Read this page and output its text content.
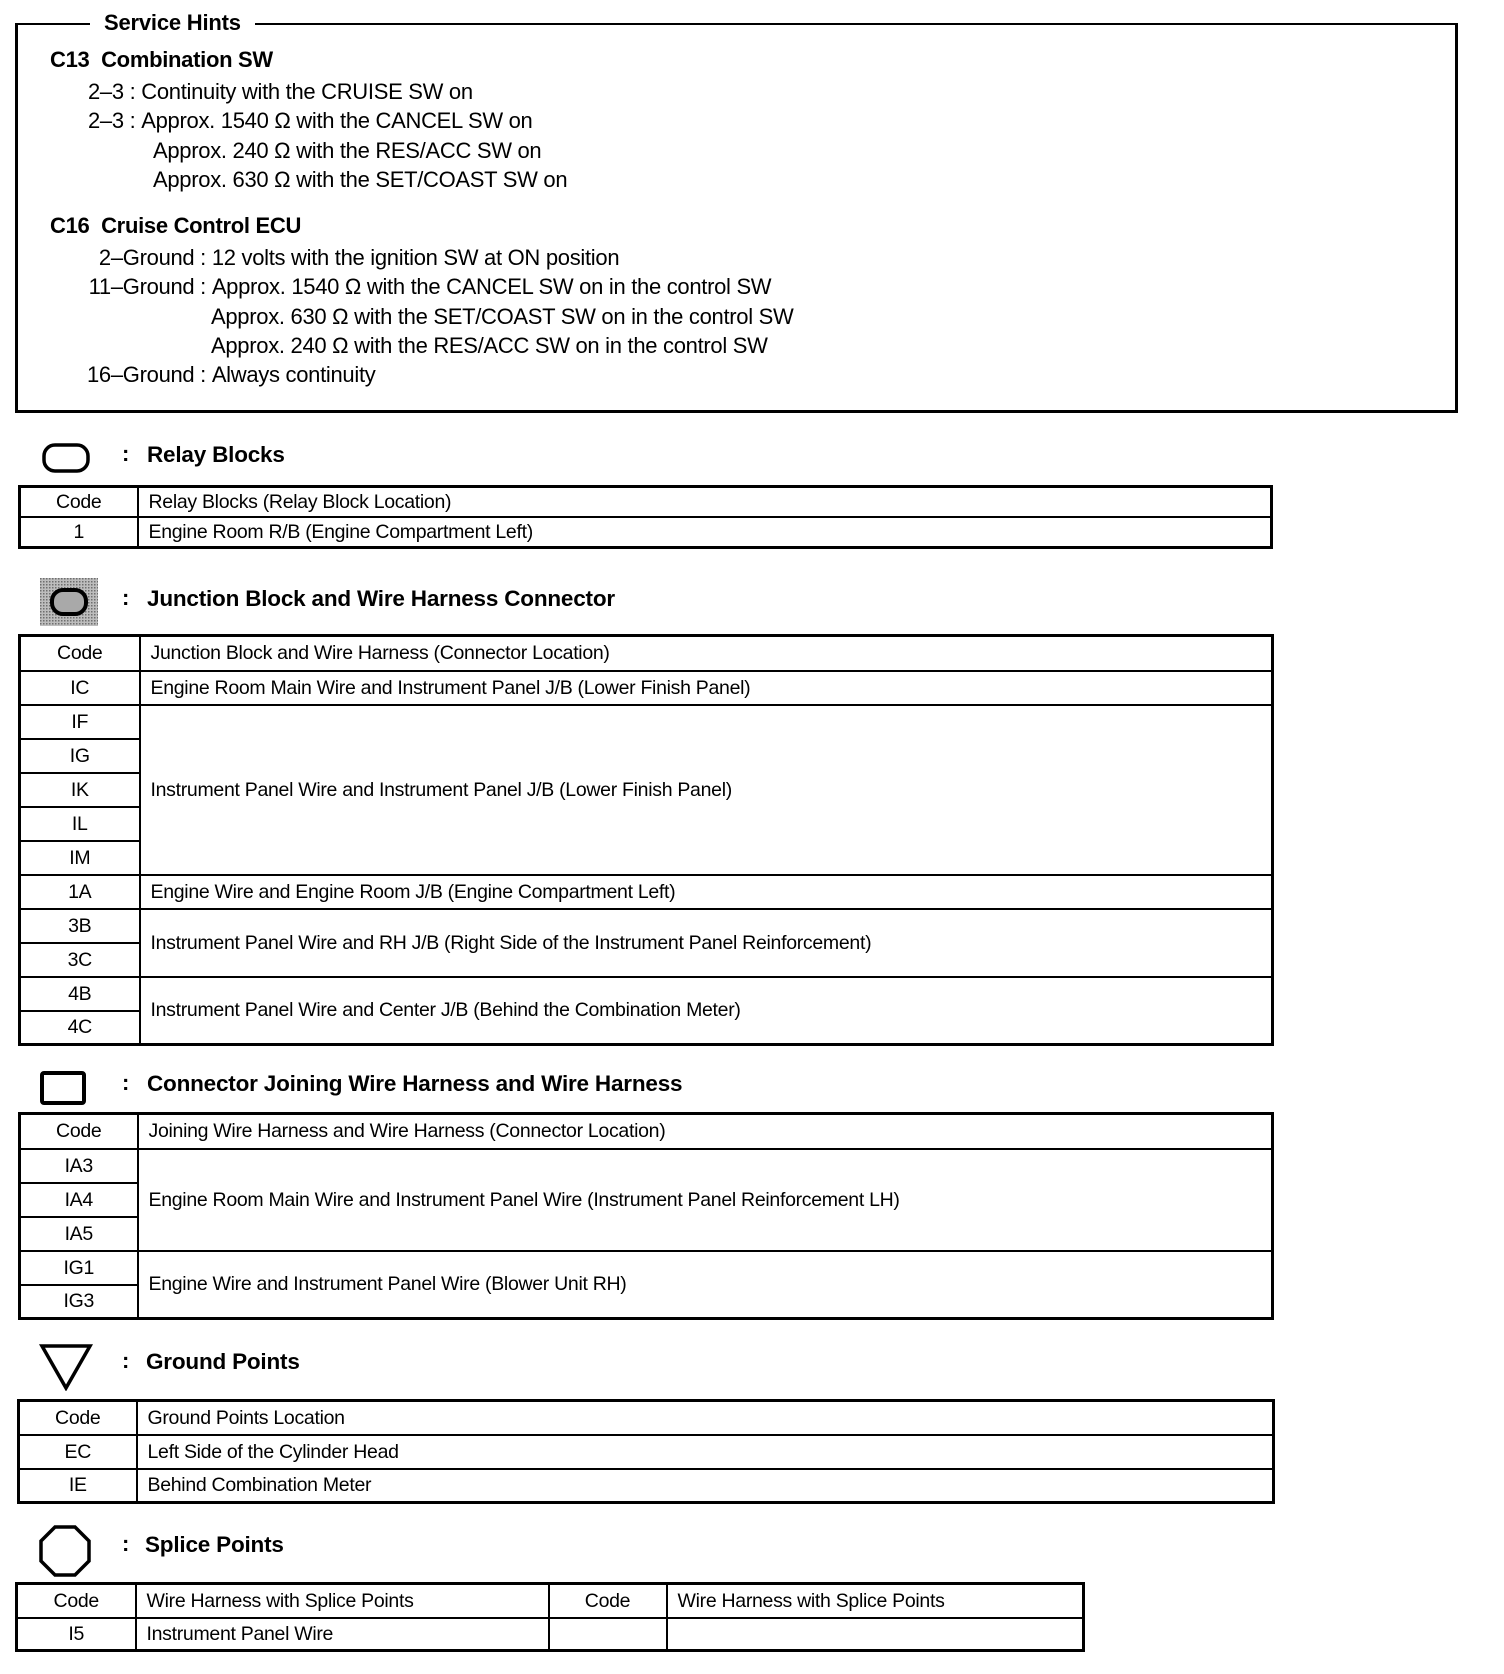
Service Hints
C13 Combination SW
2–3 : Continuity with the CRUISE SW on
2–3 : Approx. 1540 Ω with the CANCEL SW on
Approx. 240 Ω with the RES/ACC SW on
Approx. 630 Ω with the SET/COAST SW on
C16 Cruise Control ECU
2–Ground : 12 volts with the ignition SW at ON position
11–Ground : Approx. 1540 Ω with the CANCEL SW on in the control SW
Approx. 630 Ω with the SET/COAST SW on in the control SW
Approx. 240 Ω with the RES/ACC SW on in the control SW
16–Ground : Always continuity
: Relay Blocks
Code	Relay Blocks (Relay Block Location)
1	Engine Room R/B (Engine Compartment Left)
: Junction Block and Wire Harness Connector
Code	Junction Block and Wire Harness (Connector Location)
IC	Engine Room Main Wire and Instrument Panel J/B (Lower Finish Panel)
IF	Instrument Panel Wire and Instrument Panel J/B (Lower Finish Panel)
IG	
IK	
IL	
IM	
1A	Engine Wire and Engine Room J/B (Engine Compartment Left)
3B	Instrument Panel Wire and RH J/B (Right Side of the Instrument Panel Reinforcement)
3C	
4B	Instrument Panel Wire and Center J/B (Behind the Combination Meter)
4C	
: Connector Joining Wire Harness and Wire Harness
Code	Joining Wire Harness and Wire Harness (Connector Location)
IA3	Engine Room Main Wire and Instrument Panel Wire (Instrument Panel Reinforcement LH)
IA4	
IA5	
IG1	Engine Wire and Instrument Panel Wire (Blower Unit RH)
IG3	
: Ground Points
Code	Ground Points Location
EC	Left Side of the Cylinder Head
IE	Behind Combination Meter
: Splice Points
Code	Wire Harness with Splice Points	Code	Wire Harness with Splice Points
I5	Instrument Panel Wire		
